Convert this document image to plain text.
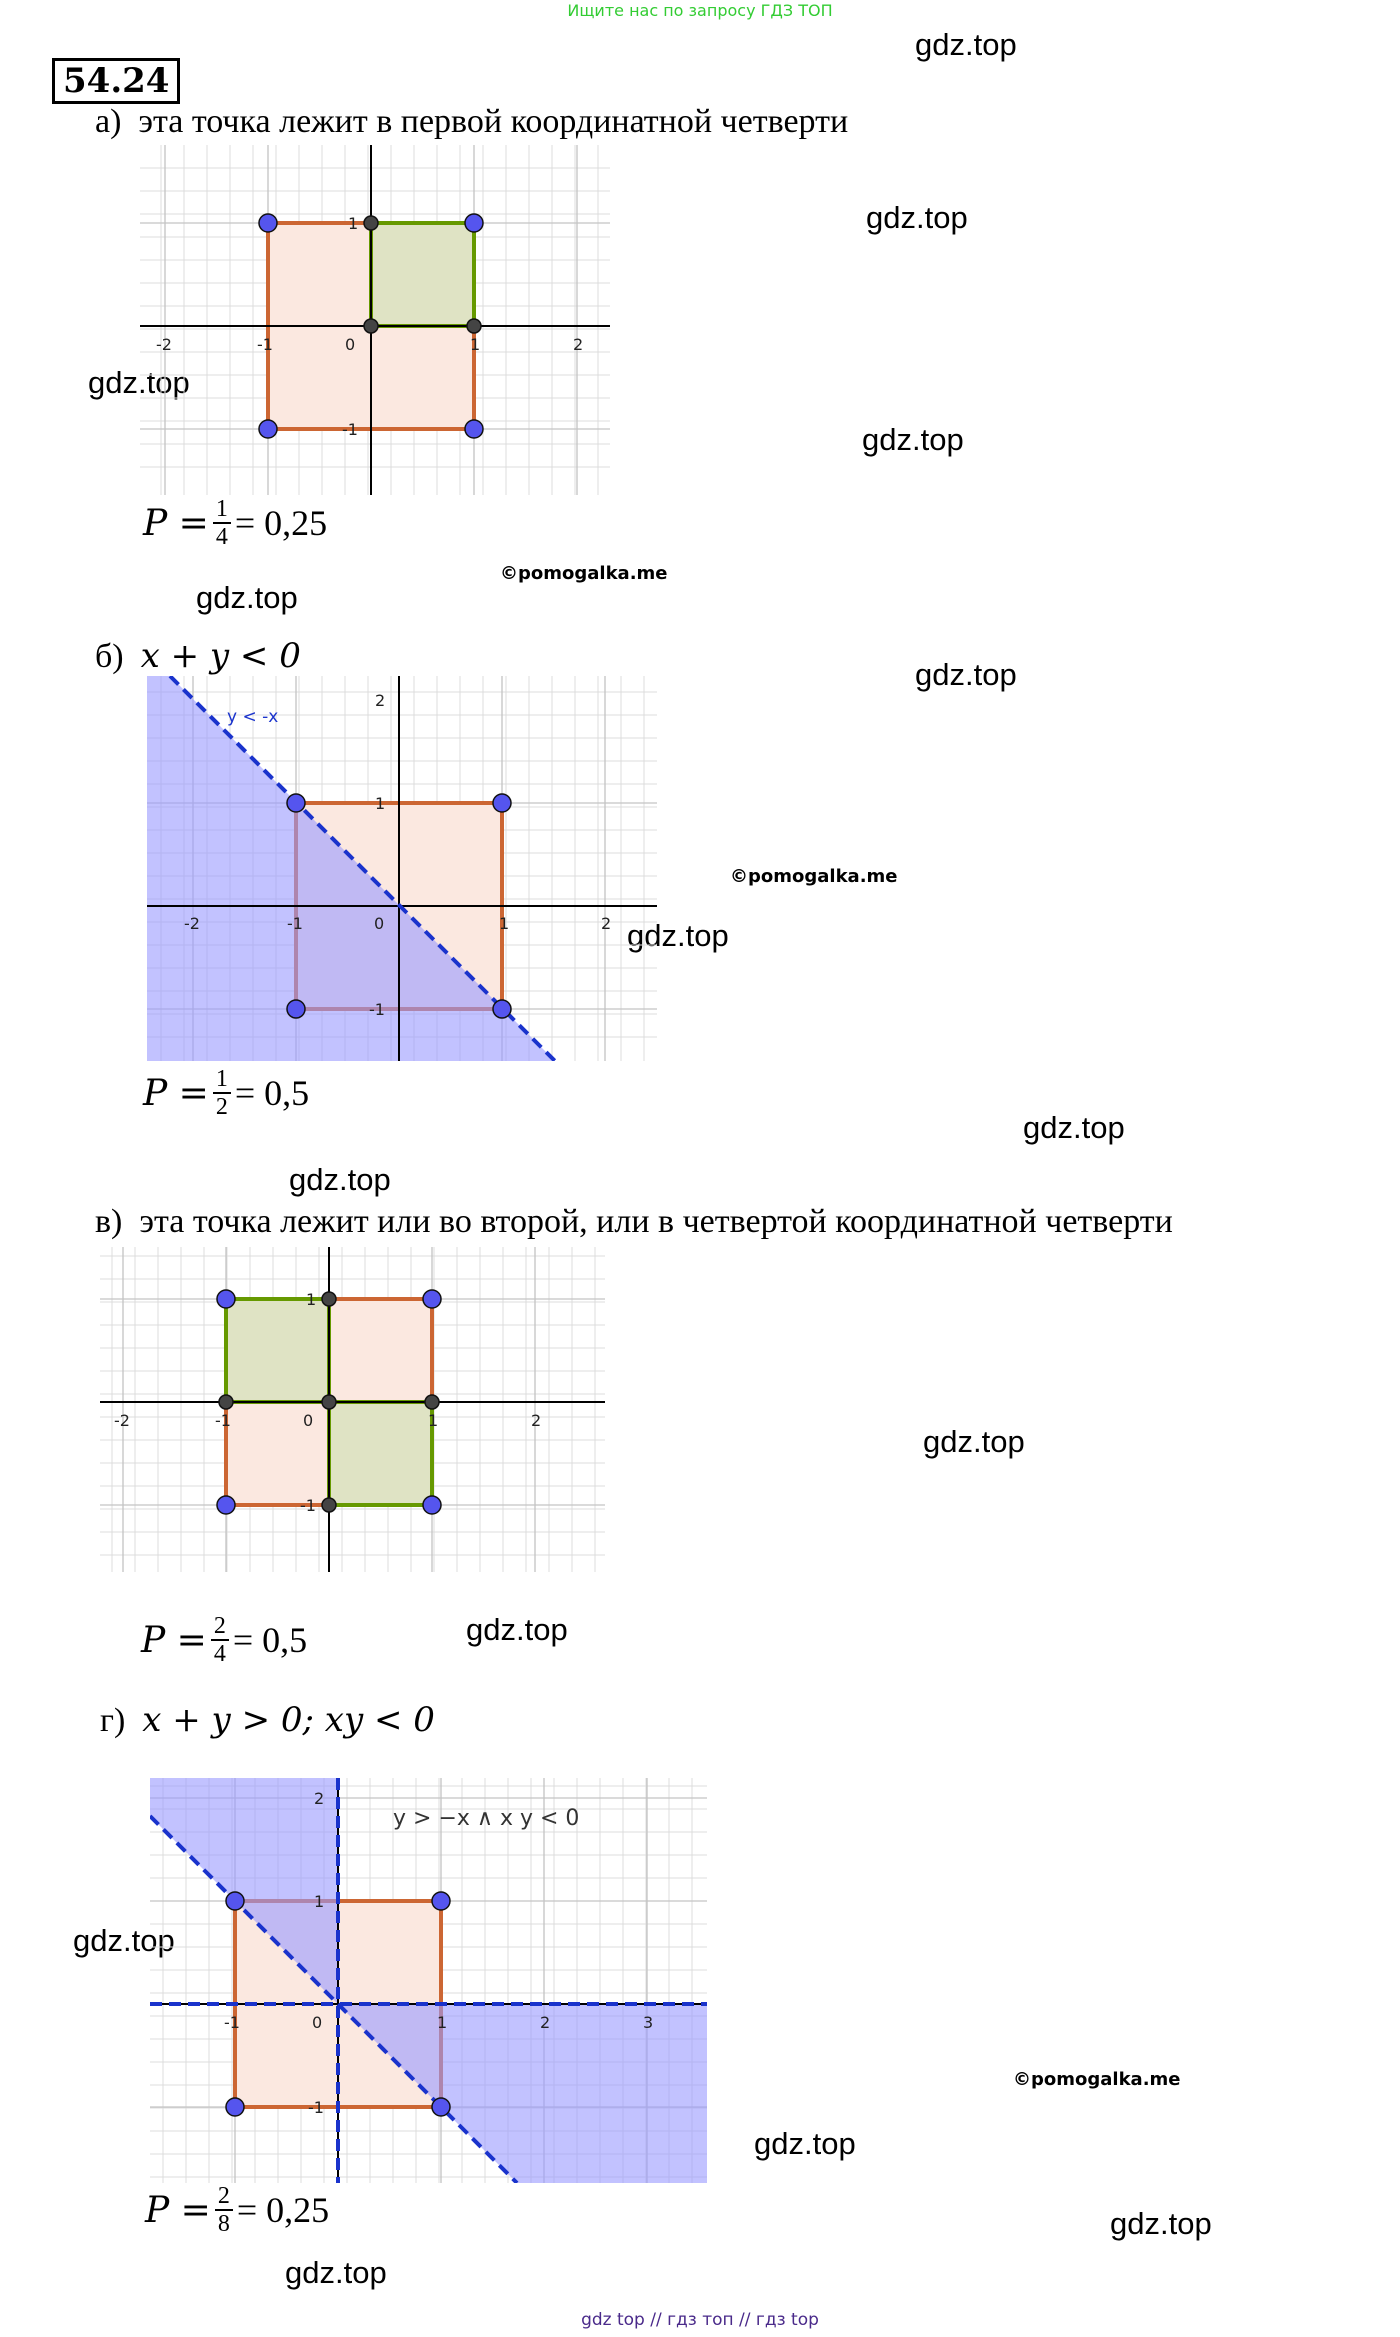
Ищите нас по запросу ГДЗ ТОП
54.24
gdz.top
gdz.top
gdz.top
gdz.top
gdz.top
gdz.top
gdz.top
gdz.top
gdz.top
gdz.top
gdz.top
gdz.top
gdz.top
gdz.top
gdz.top
©pomogalka.me
©pomogalka.me
©pomogalka.me
а) эта точка лежит в первой координатной четверти
-2	-1	0	1	2
1
-1
$P = \frac{1}{4} = 0,25$
б) x + y < 0
y < -x
-2	-1	0	1	2
2
1
-1
$P = \frac{1}{2} = 0,5$
в) эта точка лежит или во второй, или в четвертой координатной четверти
-2	-1	0	1	2
1
-1
$P = \frac{2}{4} = 0,5$
г) x + y > 0; xy < 0
y > −x ∧ x y < 0
-1	0	1	2	3
2
1
-1
$P = \frac{2}{8} = 0,25$
gdz top // гдз топ // гдз top
